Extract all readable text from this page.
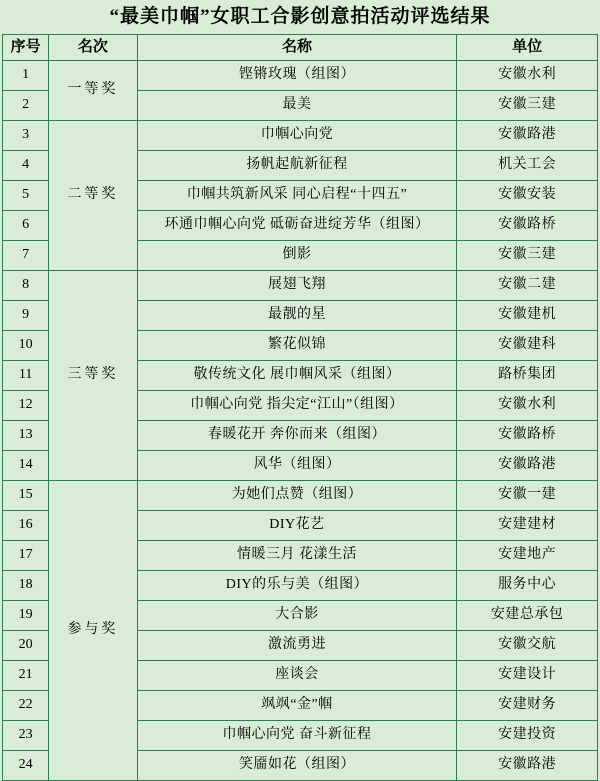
“最美巾帼”女职工合影创意拍活动评选结果
序号	名次	名称	单位
1	一等奖	铿锵玫瑰（组图）	安徽水利
2		最美	安徽三建
3	二等奖	巾帼心向党	安徽路港
4		扬帆起航新征程	机关工会
5		巾帼共筑新风采 同心启程“十四五”	安徽安装
6		环通巾帼心向党 砥砺奋进绽芳华（组图）	安徽路桥
7		倒影	安徽三建
8	三等奖	展翅飞翔	安徽二建
9		最靓的星	安徽建机
10		繁花似锦	安徽建科
11		敬传统文化 展巾帼风采（组图）	路桥集团
12		巾帼心向党 指尖定“江山”（组图）	安徽水利
13		春暖花开 奔你而来（组图）	安徽路桥
14		风华（组图）	安徽路港
15	参与奖	为她们点赞（组图）	安徽一建
16		DIY花艺	安建建材
17		情暖三月 花漾生活	安建地产
18		DIY的乐与美（组图）	服务中心
19		大合影	安建总承包
20		激流勇进	安徽交航
21		座谈会	安建设计
22		飒飒“金”帼	安建财务
23		巾帼心向党 奋斗新征程	安建投资
24		笑靥如花（组图）	安徽路港
